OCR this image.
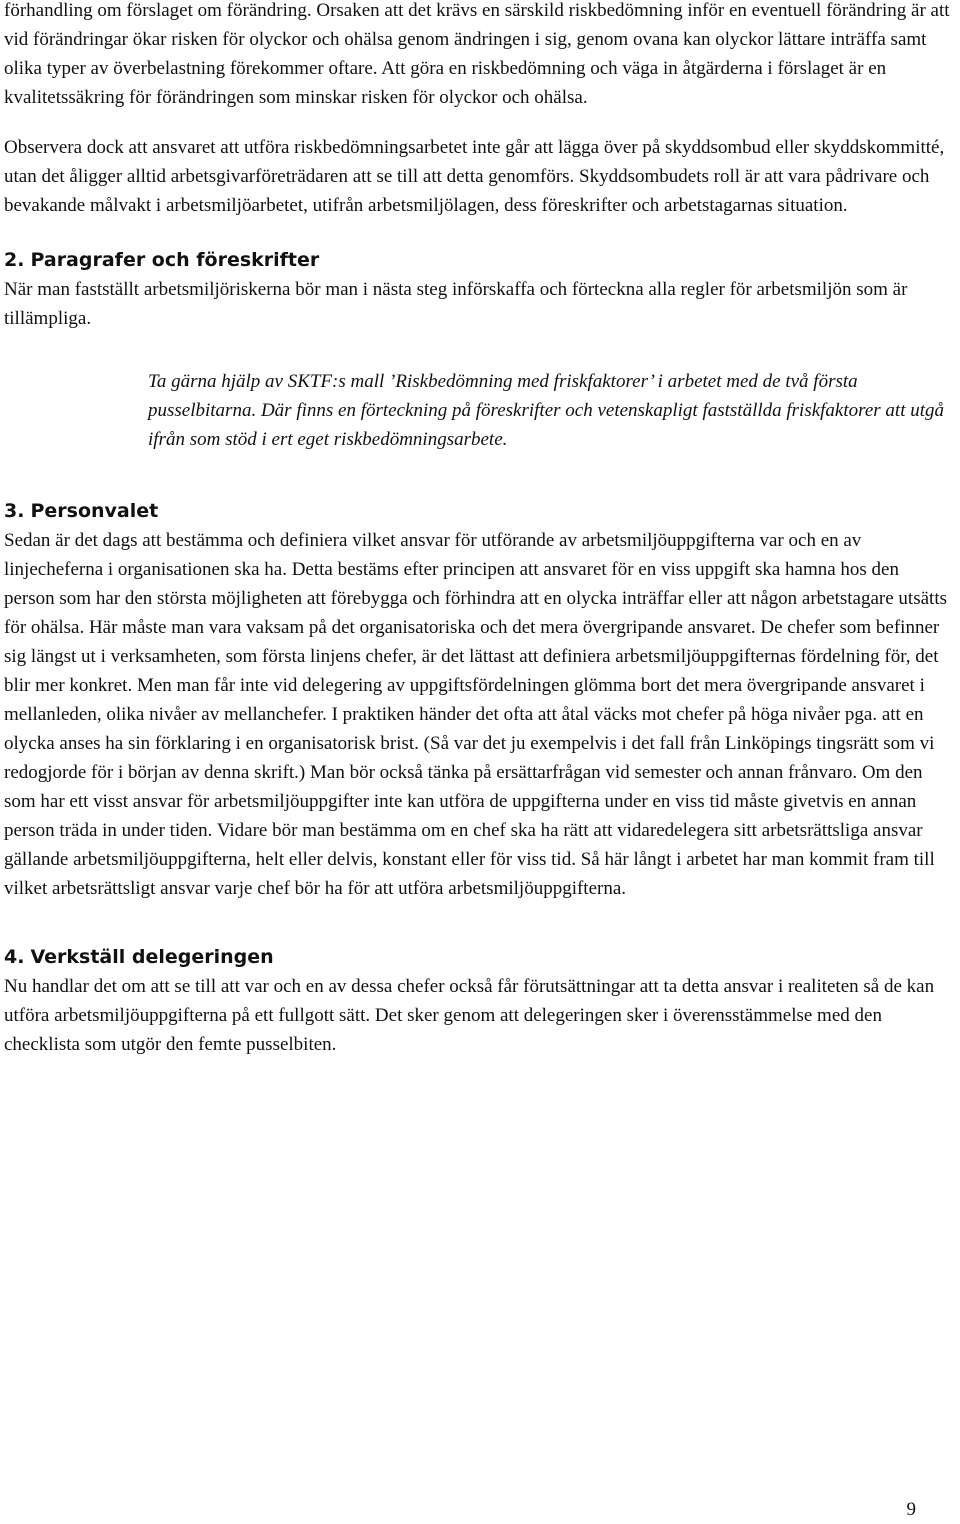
förhandling om förslaget om förändring. Orsaken att det krävs en särskild riskbedömning inför en eventuell förändring är att vid förändringar ökar risken för olyckor och ohälsa genom ändringen i sig, genom ovana kan olyckor lättare inträffa samt olika typer av överbelastning förekommer oftare. Att göra en riskbedömning och väga in åtgärderna i förslaget är en kvalitetssäkring för förändringen som minskar risken för olyckor och ohälsa.

Observera dock att ansvaret att utföra riskbedömningsarbetet inte går att lägga över på skyddsombud eller skyddskommitté, utan det åligger alltid arbetsgivarföreträdaren att se till att detta genomförs. Skyddsombudets roll är att vara pådrivare och bevakande målvakt i arbetsmiljöarbetet, utifrån arbetsmiljölagen, dess föreskrifter och arbetstagarnas situation.

2. Paragrafer och föreskrifter

När man fastställt arbetsmiljöriskerna bör man i nästa steg införskaffa och förteckna alla regler för arbetsmiljön som är tillämpliga.

Ta gärna hjälp av SKTF:s mall ’Riskbedömning med friskfaktorer’ i arbetet med de två första pusselbitarna. Där finns en förteckning på föreskrifter och vetenskapligt fastställda friskfaktorer att utgå ifrån som stöd i ert eget riskbedömningsarbete.

3. Personvalet

Sedan är det dags att bestämma och definiera vilket ansvar för utförande av arbetsmiljöuppgifterna var och en av linjecheferna i organisationen ska ha. Detta bestäms efter principen att ansvaret för en viss uppgift ska hamna hos den person som har den största möjligheten att förebygga och förhindra att en olycka inträffar eller att någon arbetstagare utsätts för ohälsa. Här måste man vara vaksam på det organisatoriska och det mera övergripande ansvaret. De chefer som befinner sig längst ut i verksamheten, som första linjens chefer, är det lättast att definiera arbetsmiljöuppgifternas fördelning för, det blir mer konkret. Men man får inte vid delegering av uppgiftsfördelningen glömma bort det mera övergripande ansvaret i mellanleden, olika nivåer av mellanchefer. I praktiken händer det ofta att åtal väcks mot chefer på höga nivåer pga. att en olycka anses ha sin förklaring i en organisatorisk brist. (Så var det ju exempelvis i det fall från Linköpings tingsrätt som vi redogjorde för i början av denna skrift.) Man bör också tänka på ersättarfrågan vid semester och annan frånvaro. Om den som har ett visst ansvar för arbetsmiljöuppgifter inte kan utföra de uppgifterna under en viss tid måste givetvis en annan person träda in under tiden. Vidare bör man bestämma om en chef ska ha rätt att vidaredelegera sitt arbetsrättsliga ansvar gällande arbetsmiljöuppgifterna, helt eller delvis, konstant eller för viss tid. Så här långt i arbetet har man kommit fram till vilket arbetsrättsligt ansvar varje chef bör ha för att utföra arbetsmiljöuppgifterna.

4. Verkställ delegeringen

Nu handlar det om att se till att var och en av dessa chefer också får förutsättningar att ta detta ansvar i realiteten så de kan utföra arbetsmiljöuppgifterna på ett fullgott sätt. Det sker genom att delegeringen sker i överensstämmelse med den checklista som utgör den femte pusselbiten.

9
